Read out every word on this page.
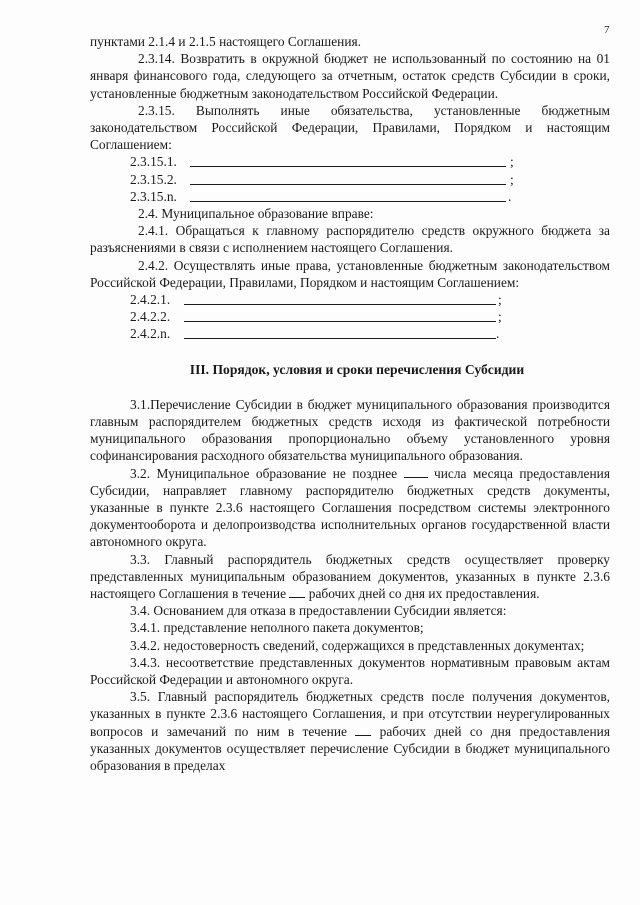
7

пунктами 2.1.4 и 2.1.5 настоящего Соглашения.

2.3.14. Возвратить в окружной бюджет не использованный по состоянию на 01 января финансового года, следующего за отчетным, остаток средств Субсидии в сроки, установленные бюджетным законодательством Российской Федерации.

2.3.15. Выполнять иные обязательства, установленные бюджетным законодательством Российской Федерации, Правилами, Порядком и настоящим Соглашением:

2.3.15.1.	;
2.3.15.2.	;
2.3.15.n.	.

2.4. Муниципальное образование вправе:

2.4.1. Обращаться к главному распорядителю средств окружного бюджета за разъяснениями в связи с исполнением настоящего Соглашения.

2.4.2. Осуществлять иные права, установленные бюджетным законодательством Российской Федерации, Правилами, Порядком и настоящим Соглашением:

2.4.2.1.	;
2.4.2.2.	;
2.4.2.n.	.
III. Порядок, условия и сроки перечисления Субсидии

3.1.Перечисление Субсидии в бюджет муниципального образования производится главным распорядителем бюджетных средств исходя из фактической потребности муниципального образования пропорционально объему установленного уровня софинансирования расходного обязательства муниципального образования.

3.2. Муниципальное образование не позднее	числа месяца предоставления Субсидии, направляет главному распорядителю бюджетных средств документы, указанные в пункте 2.3.6 настоящего Соглашения посредством системы электронного документооборота и делопроизводства исполнительных органов государственной власти автономного округа.

3.3. Главный распорядитель бюджетных средств осуществляет проверку представленных муниципальным образованием документов, указанных в пункте 2.3.6 настоящего Соглашения в течение рабочих дней со дня их предоставления.

3.4. Основанием для отказа в предоставлении Субсидии является:

3.4.1. представление неполного пакета документов;

3.4.2. недостоверность сведений, содержащихся в представленных документах;

3.4.3. несоответствие представленных документов нормативным правовым актам Российской Федерации и автономного округа.

3.5. Главный распорядитель бюджетных средств после получения документов, указанных в пункте 2.3.6 настоящего Соглашения, и при отсутствии неурегулированных вопросов и замечаний по ним в течение рабочих дней со дня предоставления указанных документов осуществляет перечисление Субсидии в бюджет муниципального образования в пределах
